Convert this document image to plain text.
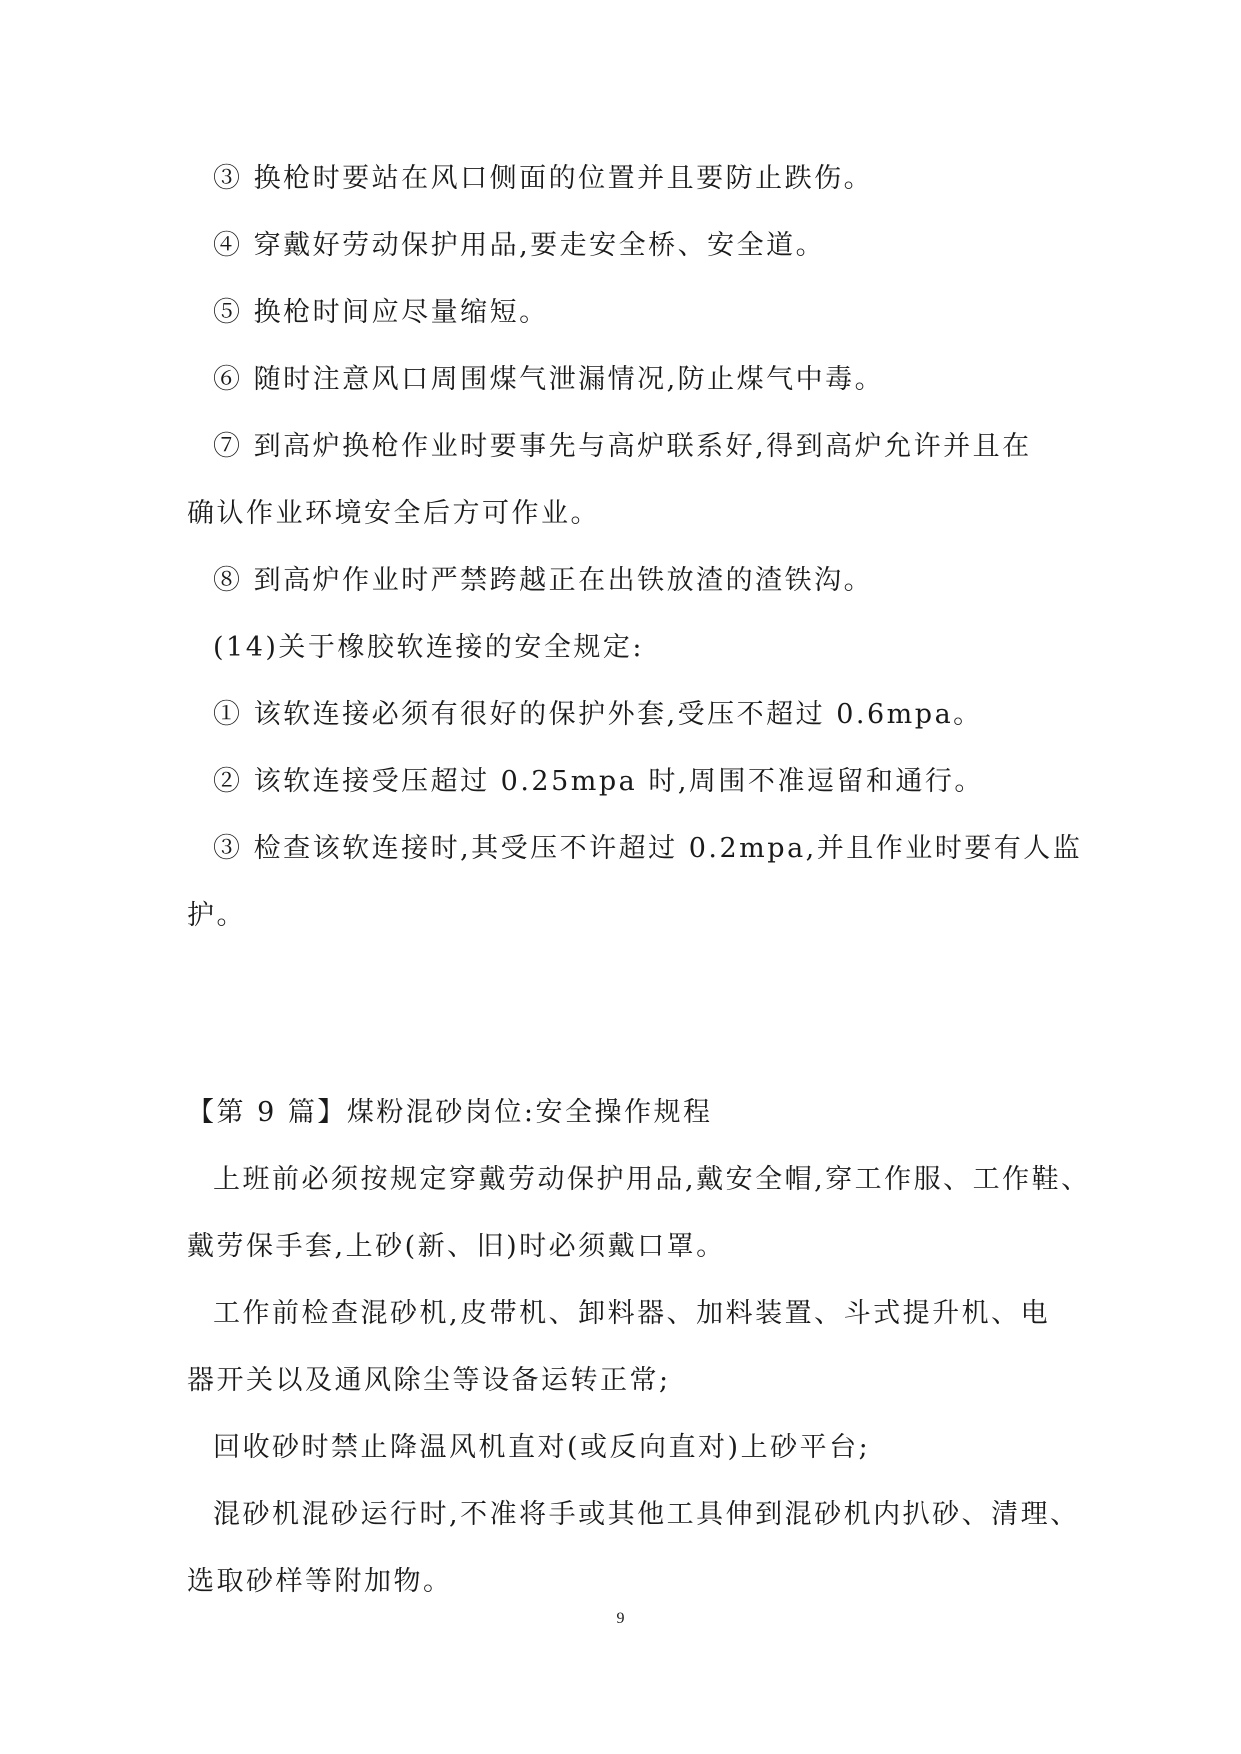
③ 换枪时要站在风口侧面的位置并且要防止跌伤。
④ 穿戴好劳动保护用品,要走安全桥、安全道。
⑤ 换枪时间应尽量缩短。
⑥ 随时注意风口周围煤气泄漏情况,防止煤气中毒。
⑦ 到高炉换枪作业时要事先与高炉联系好,得到高炉允许并且在
确认作业环境安全后方可作业。
⑧ 到高炉作业时严禁跨越正在出铁放渣的渣铁沟。
(14)关于橡胶软连接的安全规定:
① 该软连接必须有很好的保护外套,受压不超过 0.6mpa。
② 该软连接受压超过 0.25mpa 时,周围不准逗留和通行。
③ 检查该软连接时,其受压不许超过 0.2mpa,并且作业时要有人监
护。
【第 9 篇】煤粉混砂岗位:安全操作规程
上班前必须按规定穿戴劳动保护用品,戴安全帽,穿工作服、工作鞋、
戴劳保手套,上砂(新、旧)时必须戴口罩。
工作前检查混砂机,皮带机、卸料器、加料装置、斗式提升机、电
器开关以及通风除尘等设备运转正常;
回收砂时禁止降温风机直对(或反向直对)上砂平台;
混砂机混砂运行时,不准将手或其他工具伸到混砂机内扒砂、清理、
选取砂样等附加物。
9
